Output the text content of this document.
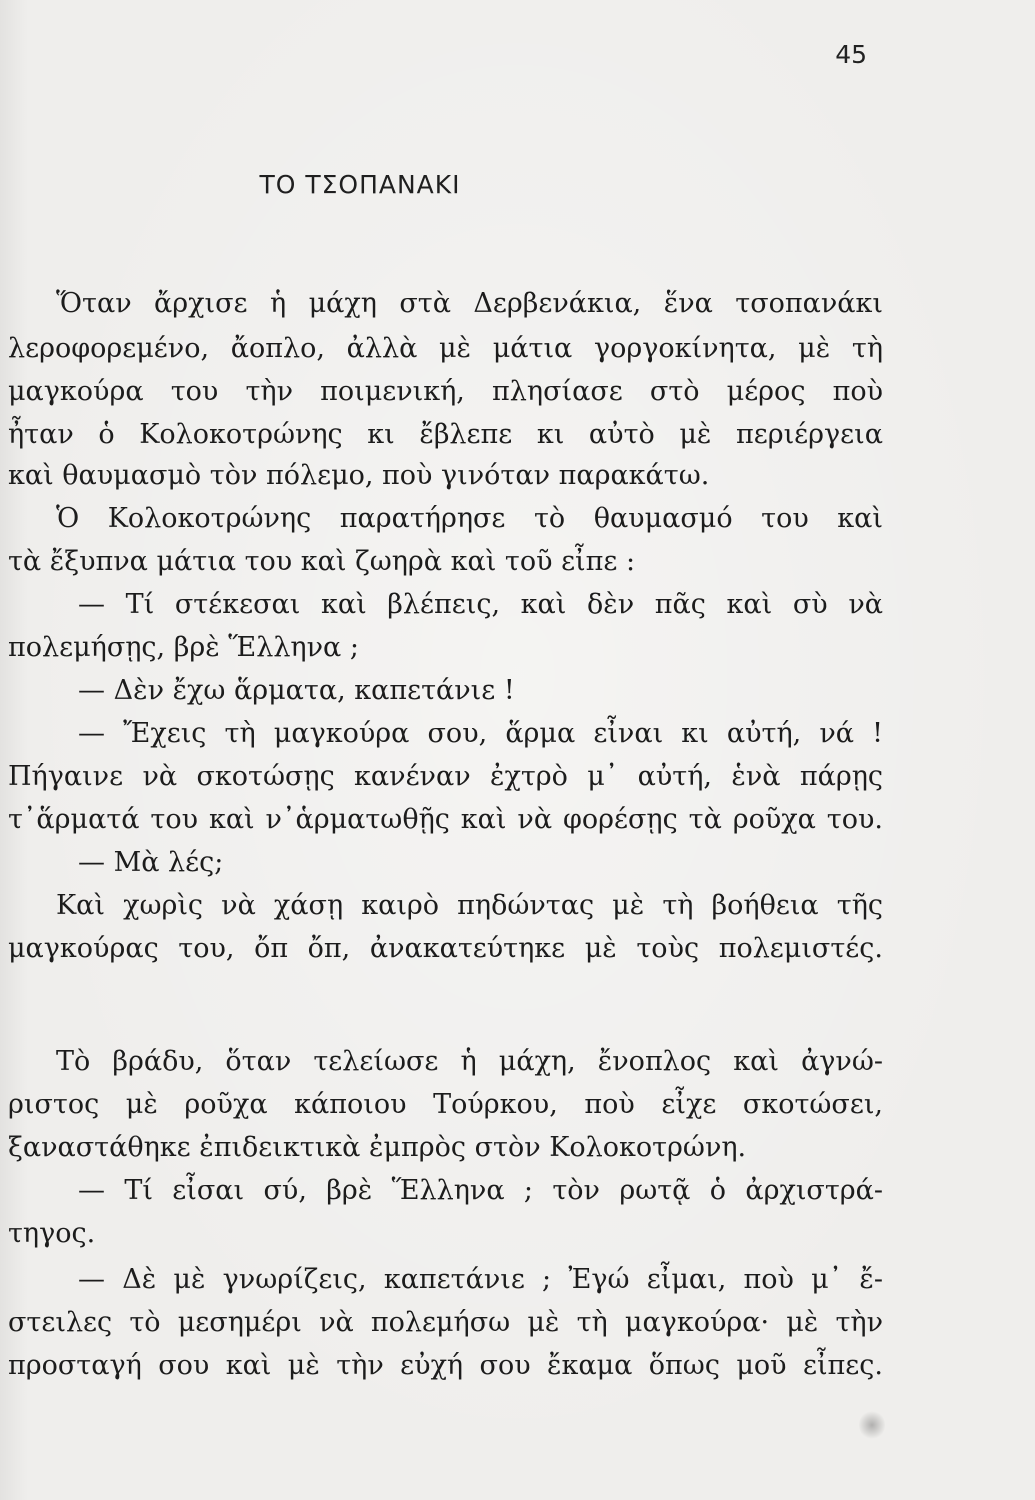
45
ΤΟ ΤΣΟΠΑΝΑΚΙ
Ὅταν ἄρχισε ἡ μάχη στὰ Δερβενάκια, ἕνα τσοπανάκι
λεροφορεμένο, ἄοπλο, ἀλλὰ μὲ μάτια γοργοκίνητα, μὲ τὴ
μαγκούρα του τὴν ποιμενική, πλησίασε στὸ μέρος ποὺ
ἦταν ὁ Κολοκοτρώνης κι ἔβλεπε κι αὐτὸ μὲ περιέργεια
καὶ θαυμασμὸ τὸν πόλεμο, ποὺ γινόταν παρακάτω.
Ὁ Κολοκοτρώνης παρατήρησε τὸ θαυμασμό του καὶ
τὰ ἔξυπνα μάτια του καὶ ζωηρὰ καὶ τοῦ εἶπε :
— Τί στέκεσαι καὶ βλέπεις, καὶ δὲν πᾶς καὶ σὺ νὰ
πολεμήσῃς, βρὲ Ἕλληνα ;
— Δὲν ἔχω ἅρματα, καπετάνιε !
— Ἔχεις τὴ μαγκούρα σου, ἅρμα εἶναι κι αὐτή, νά !
Πήγαινε νὰ σκοτώσῃς κανέναν ἐχτρὸ μ᾽ αὐτή, ἑνὰ πάρῃς
τ᾽ἅρματά του καὶ ν᾽ἁρματωθῇς καὶ νὰ φορέσῃς τὰ ροῦχα του.
— Μὰ λές;
Καὶ χωρὶς νὰ χάσῃ καιρὸ πηδώντας μὲ τὴ βοήθεια τῆς
μαγκούρας του, ὄπ ὄπ, ἀνακατεύτηκε μὲ τοὺς πολεμιστές.
Τὸ βράδυ, ὅταν τελείωσε ἡ μάχη, ἔνοπλος καὶ ἀγνώ-
ριστος μὲ ροῦχα κάποιου Τούρκου, ποὺ εἶχε σκοτώσει,
ξαναστάθηκε ἐπιδεικτικὰ ἐμπρὸς στὸν Κολοκοτρώνη.
— Τί εἶσαι σύ, βρὲ Ἕλληνα ; τὸν ρωτᾷ ὁ ἀρχιστρά-
τηγος.
— Δὲ μὲ γνωρίζεις, καπετάνιε ; Ἐγώ εἶμαι, ποὺ μ᾽ ἔ-
στειλες τὸ μεσημέρι νὰ πολεμήσω μὲ τὴ μαγκούρα· μὲ τὴν
προσταγή σου καὶ μὲ τὴν εὐχή σου ἔκαμα ὅπως μοῦ εἶπες.
